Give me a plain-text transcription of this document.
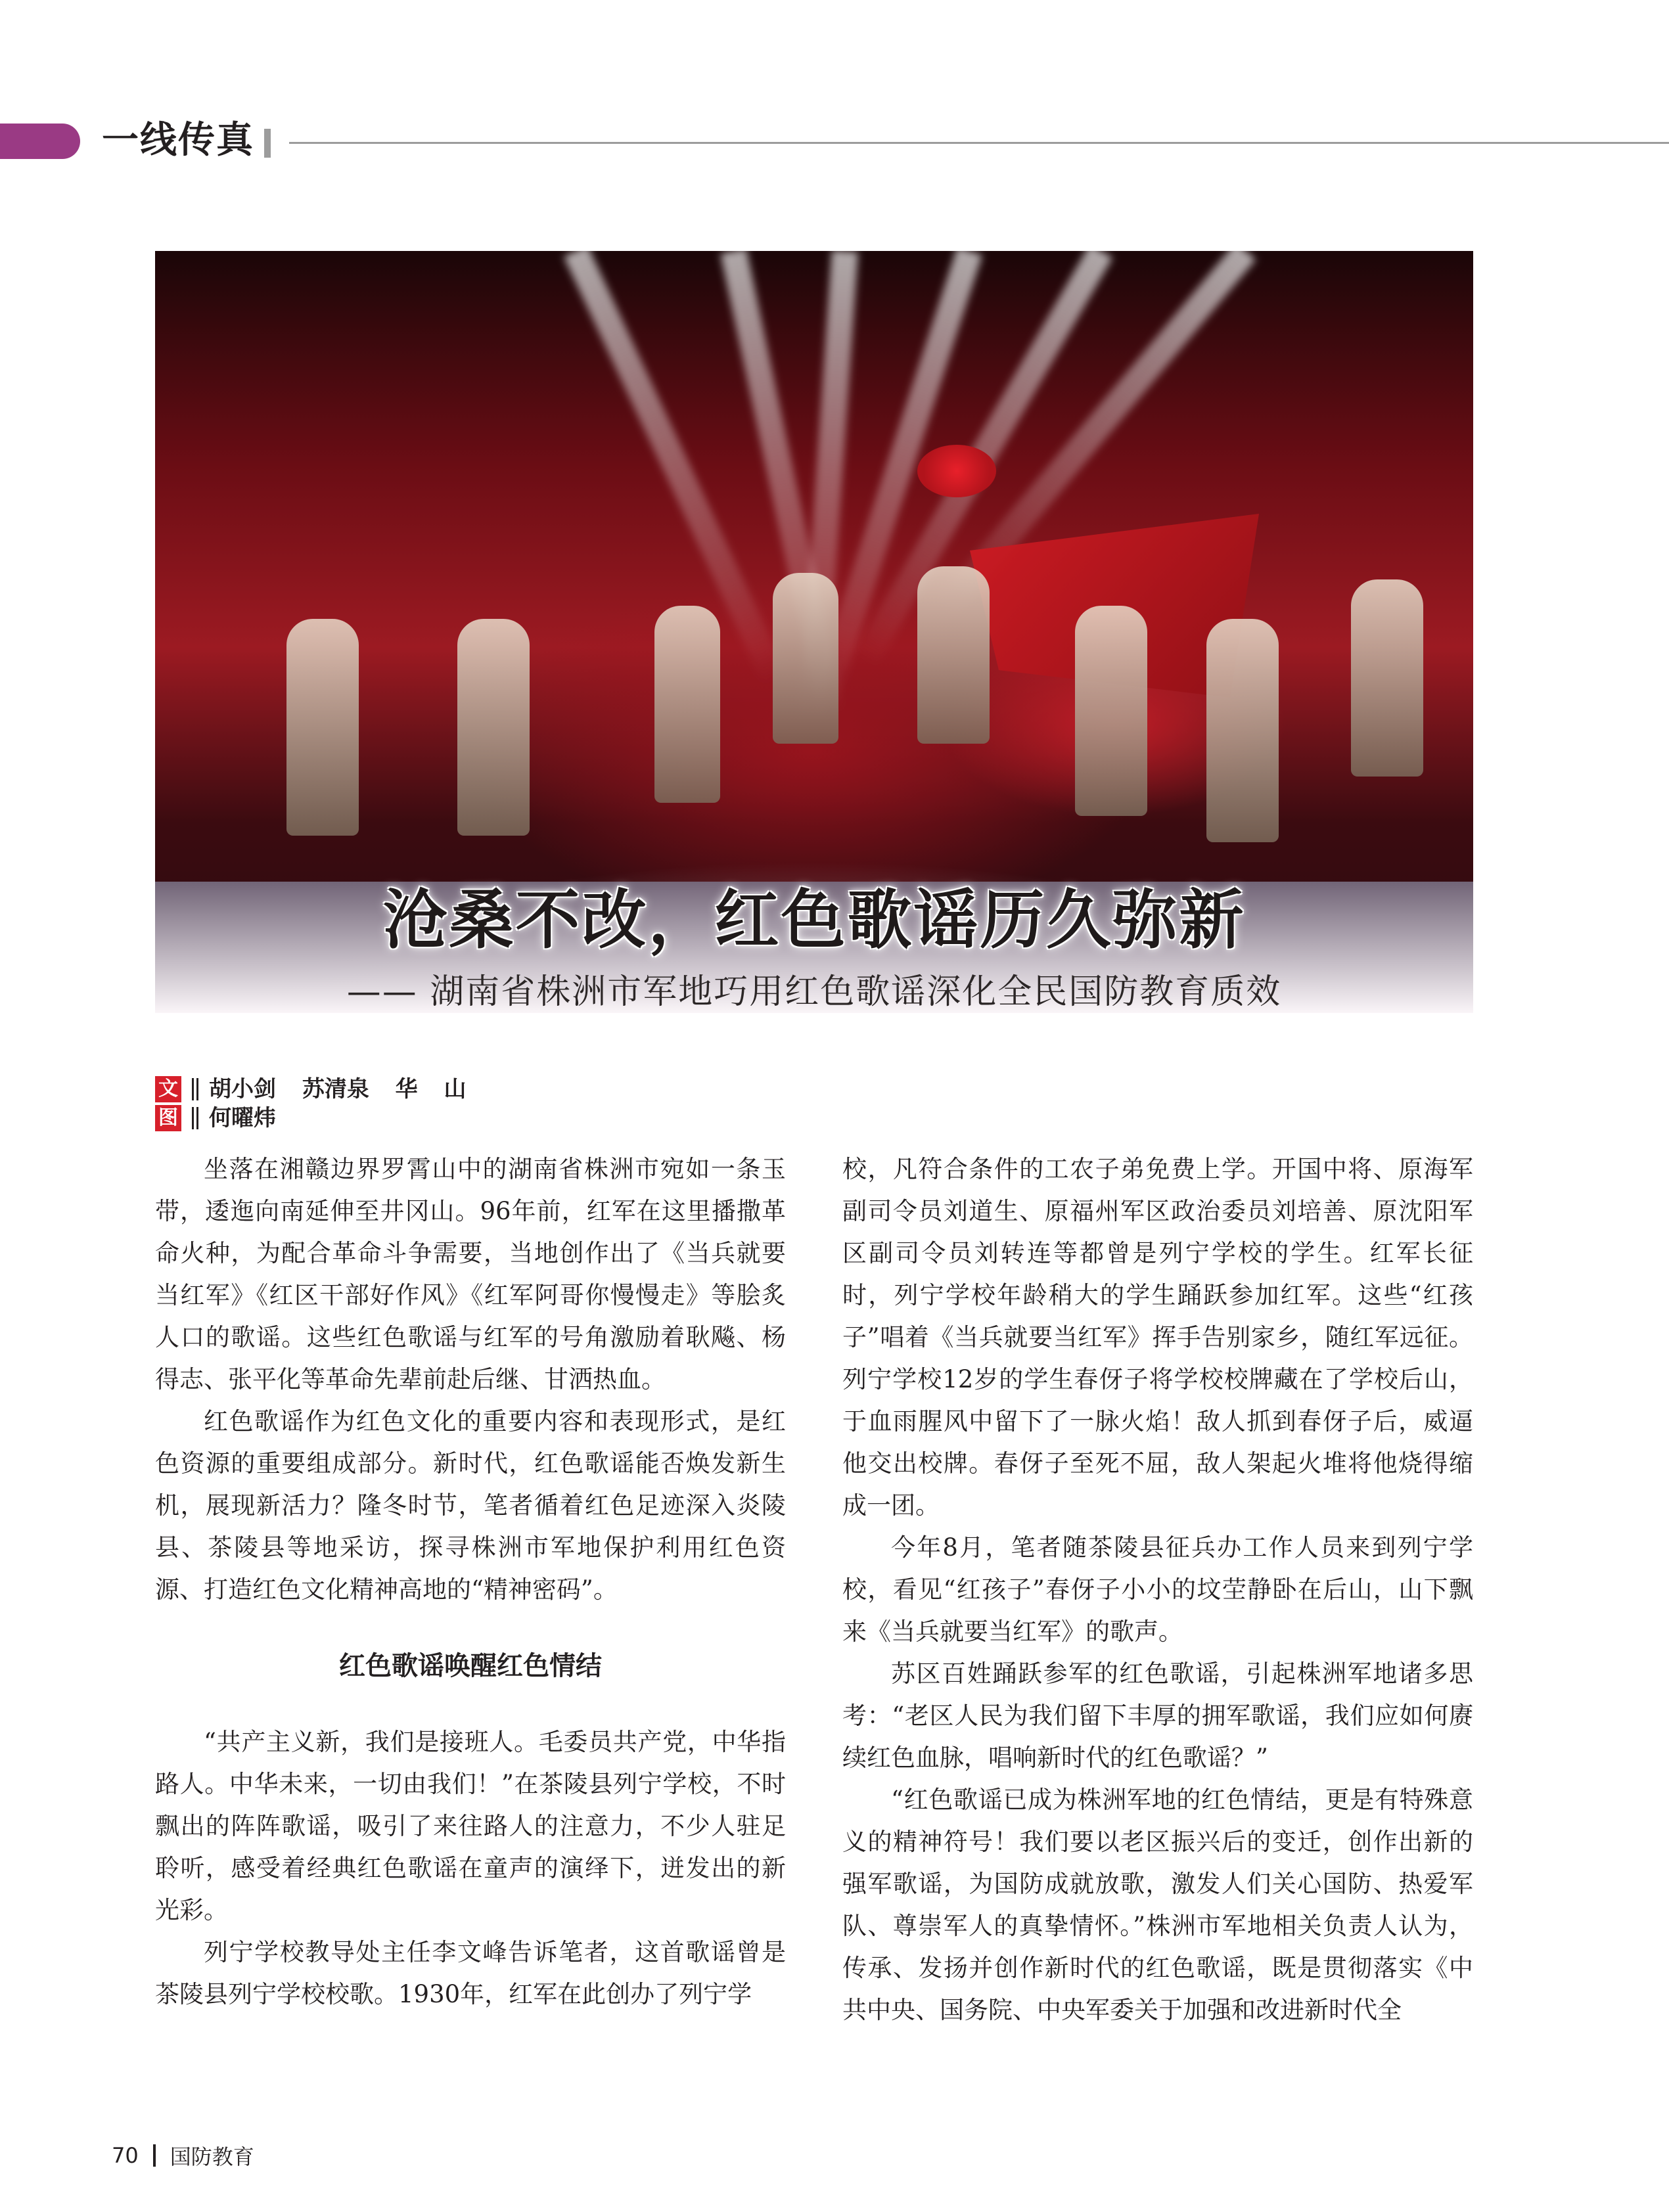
一线传真
沧桑不改，红色歌谣历久弥新
—— 湖南省株洲市军地巧用红色歌谣深化全民国防教育质效
文 胡小剑 苏清泉 华 山
图 何曜炜

坐落在湘赣边界罗霄山中的湖南省株洲市宛如一条玉带，逶迤向南延伸至井冈山。96年前，红军在这里播撒革命火种，为配合革命斗争需要，当地创作出了《当兵就要当红军》《红区干部好作风》《红军阿哥你慢慢走》等脍炙人口的歌谣。这些红色歌谣与红军的号角激励着耿飚、杨得志、张平化等革命先辈前赴后继、甘洒热血。

红色歌谣作为红色文化的重要内容和表现形式，是红色资源的重要组成部分。新时代，红色歌谣能否焕发新生机，展现新活力？隆冬时节，笔者循着红色足迹深入炎陵县、茶陵县等地采访，探寻株洲市军地保护利用红色资源、打造红色文化精神高地的“精神密码”。

红色歌谣唤醒红色情结

“共产主义新，我们是接班人。毛委员共产党，中华指路人。中华未来，一切由我们！”在茶陵县列宁学校，不时飘出的阵阵歌谣，吸引了来往路人的注意力，不少人驻足聆听，感受着经典红色歌谣在童声的演绎下，迸发出的新光彩。

列宁学校教导处主任李文峰告诉笔者，这首歌谣曾是茶陵县列宁学校校歌。1930年，红军在此创办了列宁学

校，凡符合条件的工农子弟免费上学。开国中将、原海军副司令员刘道生、原福州军区政治委员刘培善、原沈阳军区副司令员刘转连等都曾是列宁学校的学生。红军长征时，列宁学校年龄稍大的学生踊跃参加红军。这些“红孩子”唱着《当兵就要当红军》挥手告别家乡，随红军远征。列宁学校12岁的学生春伢子将学校校牌藏在了学校后山，于血雨腥风中留下了一脉火焰！敌人抓到春伢子后，威逼他交出校牌。春伢子至死不屈，敌人架起火堆将他烧得缩成一团。

今年8月，笔者随茶陵县征兵办工作人员来到列宁学校，看见“红孩子”春伢子小小的坟茔静卧在后山，山下飘来《当兵就要当红军》的歌声。

苏区百姓踊跃参军的红色歌谣，引起株洲军地诸多思考：“老区人民为我们留下丰厚的拥军歌谣，我们应如何赓续红色血脉，唱响新时代的红色歌谣？”

“红色歌谣已成为株洲军地的红色情结，更是有特殊意义的精神符号！我们要以老区振兴后的变迁，创作出新的强军歌谣，为国防成就放歌，激发人们关心国防、热爱军队、尊崇军人的真挚情怀。”株洲市军地相关负责人认为，传承、发扬并创作新时代的红色歌谣，既是贯彻落实《中共中央、国务院、中央军委关于加强和改进新时代全

70 国防教育
